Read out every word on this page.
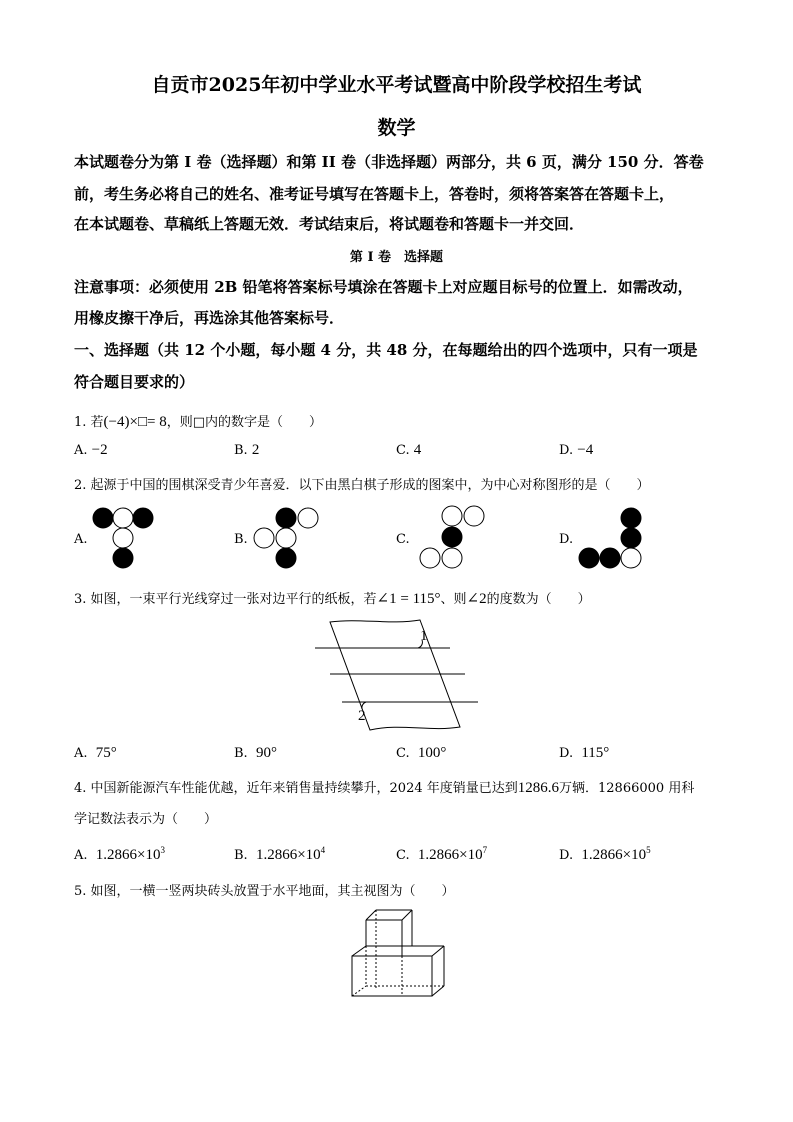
自贡市2025年初中学业水平考试暨高中阶段学校招生考试
数学
本试题卷分为第 I 卷（选择题）和第 II 卷（非选择题）两部分，共 6 页，满分 150 分．答卷
前，考生务必将自己的姓名、准考证号填写在答题卡上，答卷时，须将答案答在答题卡上，
在本试题卷、草稿纸上答题无效．考试结束后，将试题卷和答题卡一并交回．
第 I 卷　选择题
注意事项：必须使用 2B 铅笔将答案标号填涂在答题卡上对应题目标号的位置上．如需改动，
用橡皮擦干净后，再选涂其他答案标号．
一、选择题（共 12 个小题，每小题 4 分，共 48 分，在每题给出的四个选项中，只有一项是
符合题目要求的）
1. 若(−4)×□= 8，则□内的数字是（　　）
A. −2	B. 2	C. 4	D. −4
2. 起源于中国的围棋深受青少年喜爱．以下由黑白棋子形成的图案中，为中心对称图形的是（　　）
A.	B.	C.	D.
3. 如图，一束平行光线穿过一张对边平行的纸板，若∠1 = 115°、则∠2的度数为（　　）
1
2
A. 75°	B. 90°	C. 100°	D. 115°
4. 中国新能源汽车性能优越，近年来销售量持续攀升，2024 年度销量已达到1286.6万辆．12866000 用科
学记数法表示为（　　）
A. $1.2866\times 10^3$	B. $1.2866\times 10^4$	C. $1.2866\times 10^7$	D. $1.2866\times 10^5$
5. 如图，一横一竖两块砖头放置于水平地面，其主视图为（　　）
